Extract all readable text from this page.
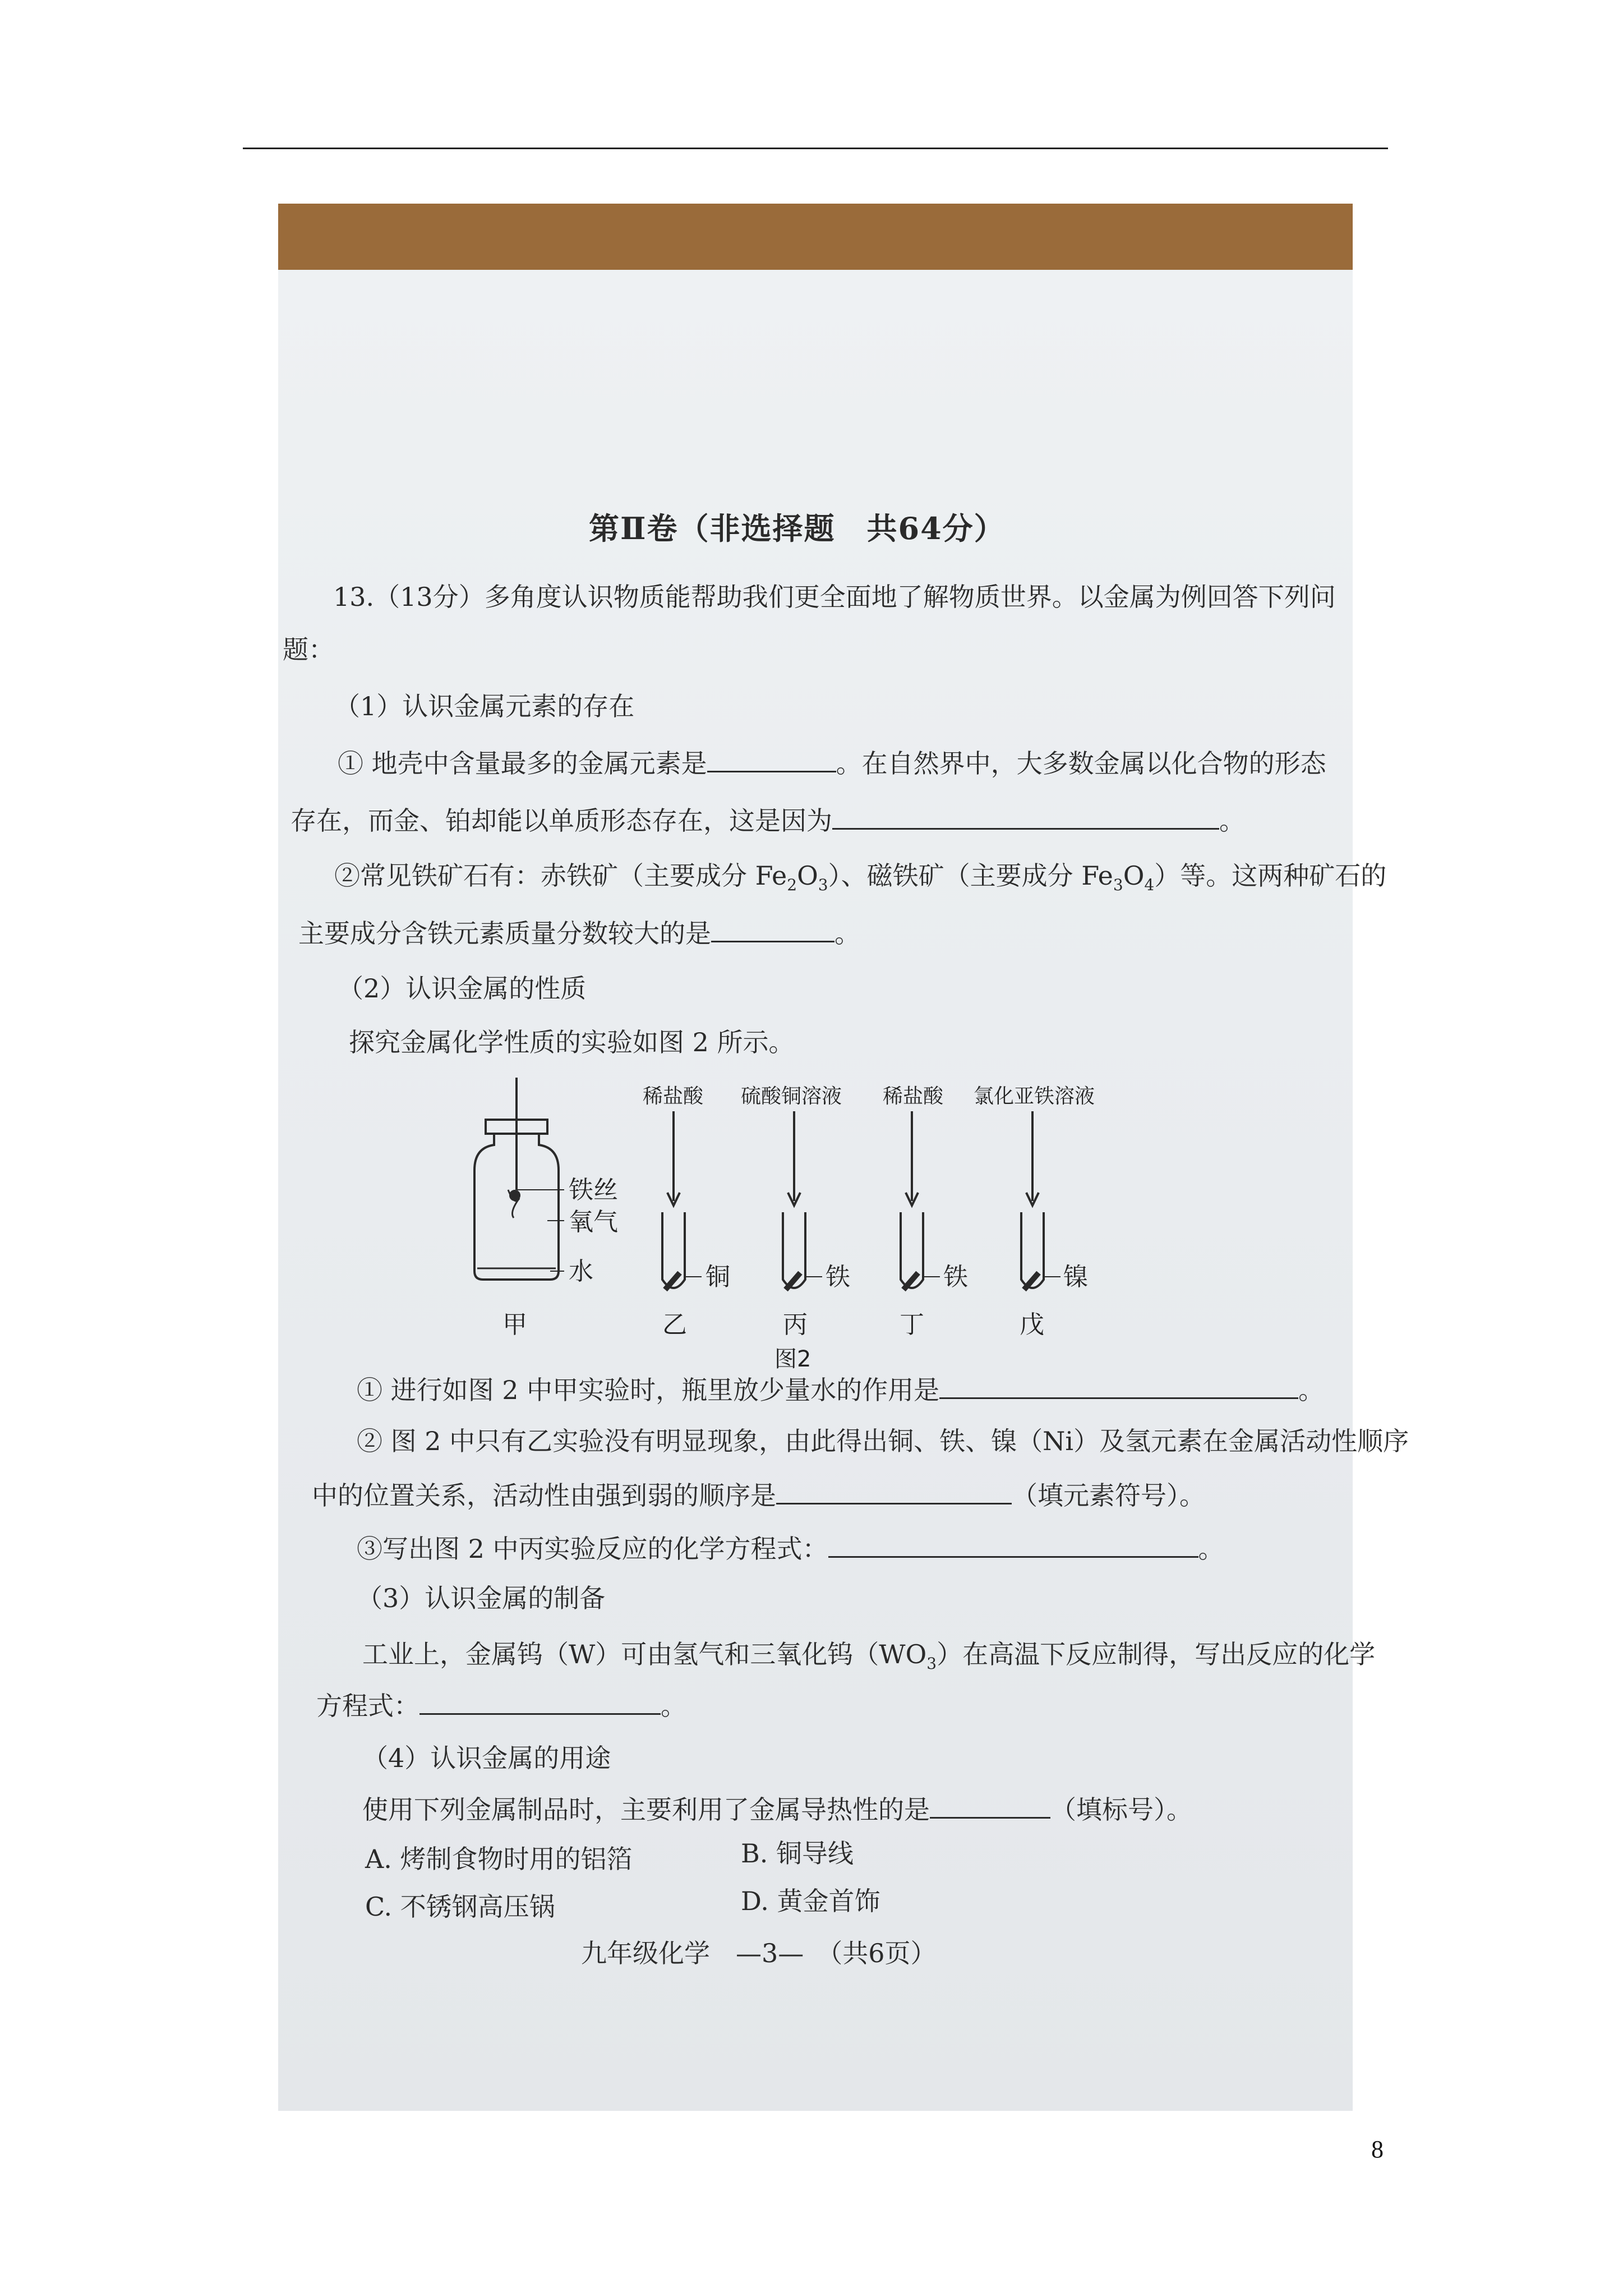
第Ⅱ卷（非选择题　共64分）
13.（13分）多角度认识物质能帮助我们更全面地了解物质世界。以金属为例回答下列问
题：
（1）认识金属元素的存在
① 地壳中含量最多的金属元素是	。在自然界中，大多数金属以化合物的形态
存在，而金、铂却能以单质形态存在，这是因为	。
②常见铁矿石有：赤铁矿（主要成分 $Fe_2O_3$）、磁铁矿（主要成分 $Fe_3O_4$）等。这两种矿石的
主要成分含铁元素质量分数较大的是	。
（2）认识金属的性质
探究金属化学性质的实验如图 2 所示。
铁丝
氧气
水
甲
稀盐酸 硫酸铜溶液 稀盐酸 氯化亚铁溶液
铜	铁	铁	镍
乙	丙	丁	戊
图2
① 进行如图 2 中甲实验时，瓶里放少量水的作用是	。
② 图 2 中只有乙实验没有明显现象，由此得出铜、铁、镍（Ni）及氢元素在金属活动性顺序
中的位置关系，活动性由强到弱的顺序是	（填元素符号）。
③写出图 2 中丙实验反应的化学方程式：	。
（3）认识金属的制备
工业上，金属钨（W）可由氢气和三氧化钨$(WO_3)$在高温下反应制得，写出反应的化学
方程式：	。
（4）认识金属的用途
使用下列金属制品时，主要利用了金属导热性的是	（填标号）。
A. 烤制食物时用的铝箔	B. 铜导线
C. 不锈钢高压锅	D. 黄金首饰
九年级化学　—3—　（共6页）
8
